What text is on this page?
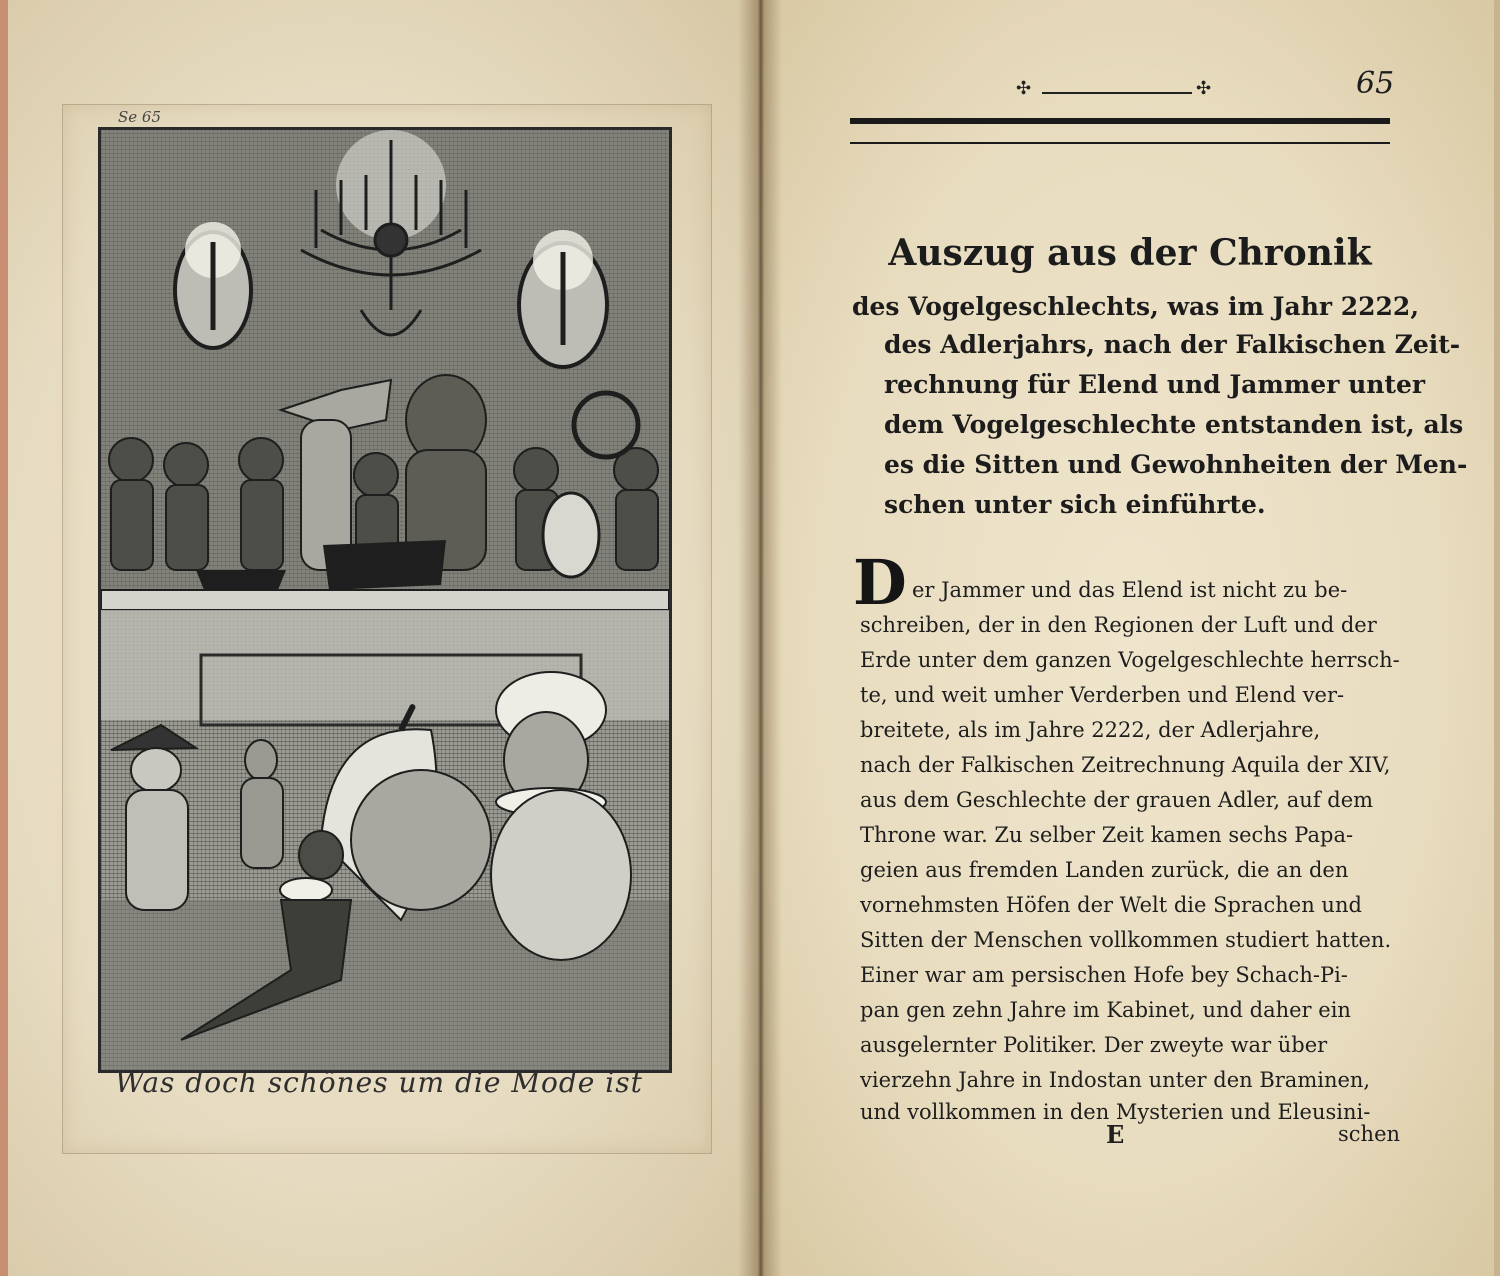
Se 65
Was doch schönes um die Mode ist
✣	✣	65
Auszug aus der Chronik
des Vogelgeschlechts, was im Jahr 2222,
des Adlerjahrs, nach der Falkischen Zeit-
rechnung für Elend und Jammer unter
dem Vogelgeschlechte entstanden ist, als
es die Sitten und Gewohnheiten der Men-
schen unter sich einführte.
D er Jammer und das Elend ist nicht zu be-
schreiben, der in den Regionen der Luft und der
Erde unter dem ganzen Vogelgeschlechte herrsch-
te, und weit umher Verderben und Elend ver-
breitete, als im Jahre 2222, der Adlerjahre,
nach der Falkischen Zeitrechnung Aquila der XIV,
aus dem Geschlechte der grauen Adler, auf dem
Throne war. Zu selber Zeit kamen sechs Papa-
geien aus fremden Landen zurück, die an den
vornehmsten Höfen der Welt die Sprachen und
Sitten der Menschen vollkommen studiert hatten.
Einer war am persischen Hofe bey Schach-Pi-
pan gen zehn Jahre im Kabinet, und daher ein
ausgelernter Politiker. Der zweyte war über
vierzehn Jahre in Indostan unter den Braminen,
und vollkommen in den Mysterien und Eleusini-
E	schen
